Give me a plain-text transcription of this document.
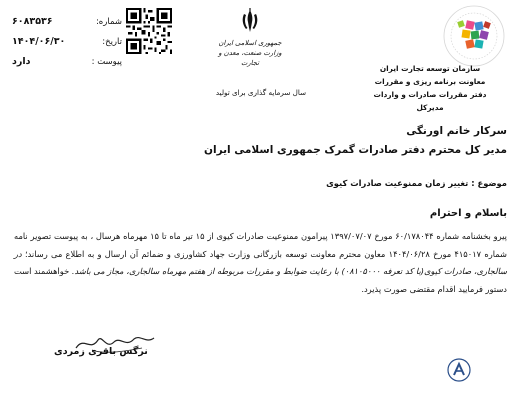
شماره:
۶۰۸۳۵۳۶
تاریخ:
۱۴۰۴/۰۶/۳۰
پیوست :
دارد
جمهوری اسلامی ایران
وزارت صنعت، معدن و تجارت
سال سرمایه گذاری برای تولید
سازمان توسعه تجارت ایران
معاونت برنامه ریزی و مقررات
دفتر مقررات صادرات و واردات
مدیرکل
سرکار خانم اورنگی
مدیر کل محترم دفتر صادرات گمرک جمهوری اسلامی ایران
موضوع : تغییر زمان ممنوعیت صادرات کیوی
باسلام و احترام
پیرو بخشنامه شماره ۶۰/۱۷۸۰۴۴ مورخ ۱۳۹۷/۰۷/۰۷ پیرامون ممنوعیت صادرات کیوی از ۱۵ تیر ماه تا ۱۵ مهرماه هرسال ، به پیوست تصویر نامه شماره ۴۱۵۰۱۷ مورخ ۱۴۰۴/۰۶/۲۸ معاون محترم معاونت توسعه بازرگانی وزارت جهاد کشاورزی و ضمائم آن ارسال و به اطلاع می رساند؛ در سالجاری، صادرات کیوی(با کد تعرفه ۰۸۱۰۵۰۰۰) با رعایت ضوابط و مقررات مربوطه از هفتم مهرماه سالجاری، مجاز می باشد. خواهشمند است دستور فرمایید اقدام مقتضی صورت پذیرد.
نرگس باقری زمردی
